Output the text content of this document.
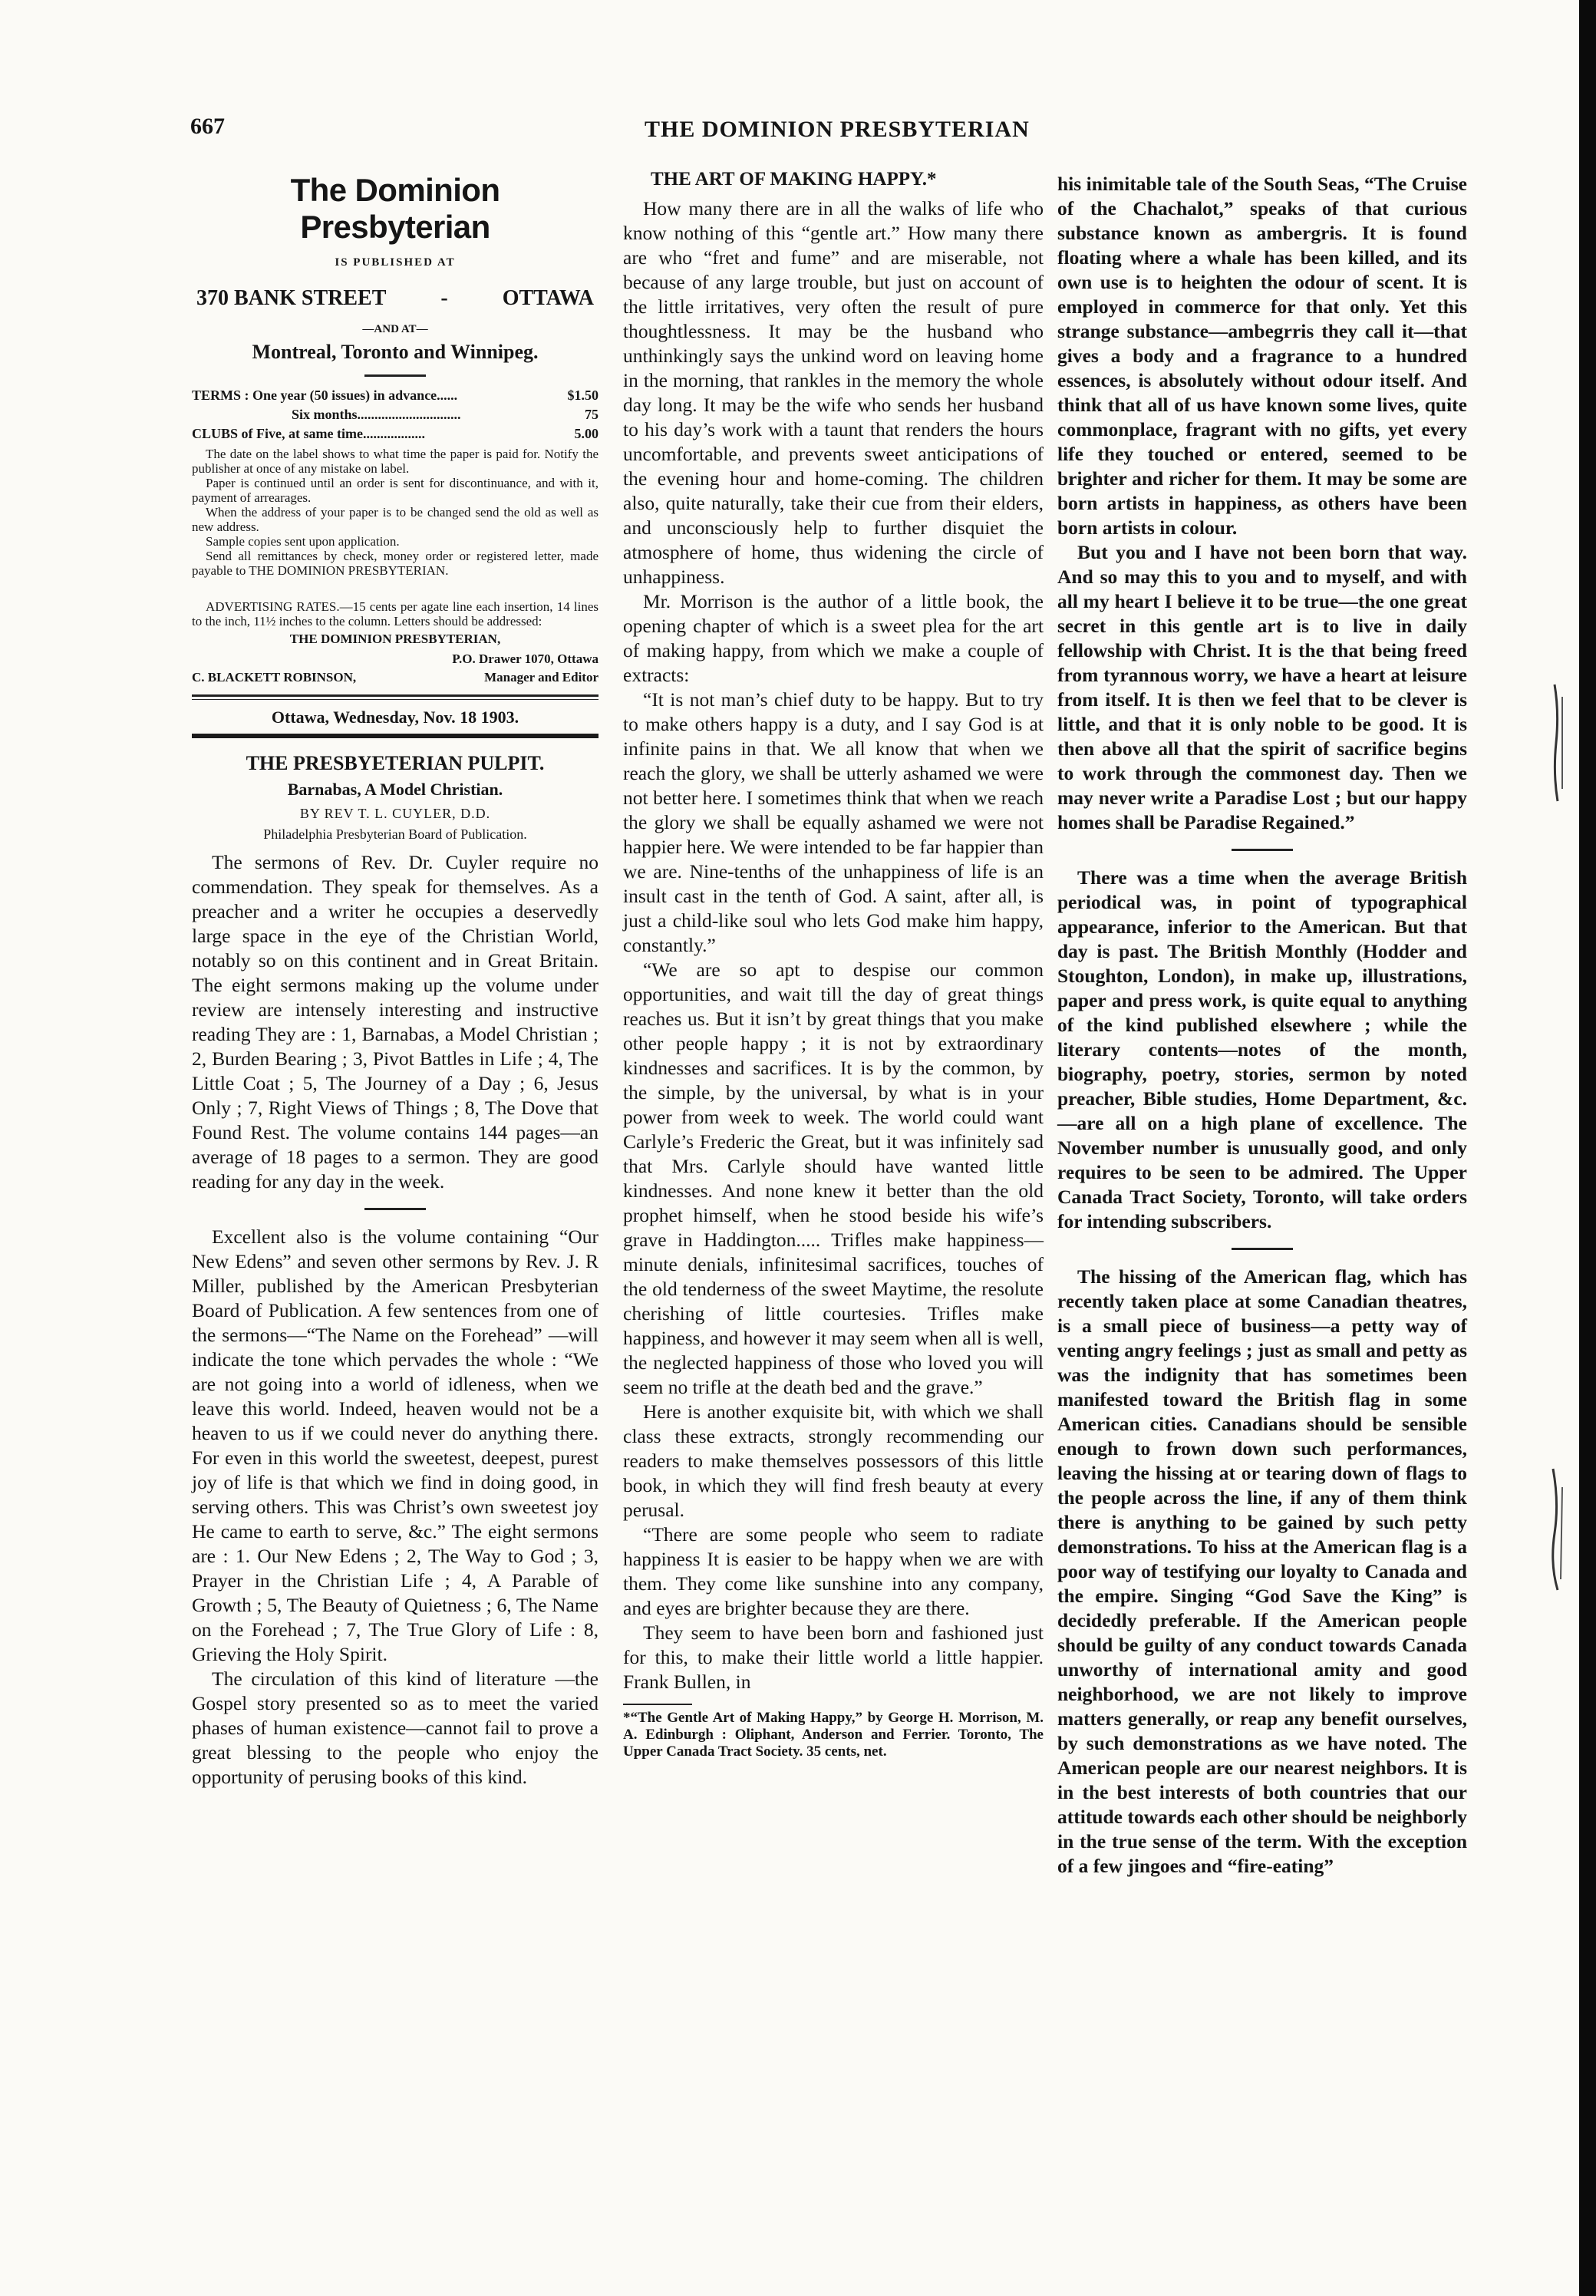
667	THE DOMINION PRESBYTERIAN
The Dominion Presbyterian
IS PUBLISHED AT
370 BANK STREET	-	OTTAWA
—AND AT—
Montreal, Toronto and Winnipeg.
TERMS : One year (50 issues) in advance......	$1.50
Six months..............................	75
CLUBS of Five, at same time..................	5.00

The date on the label shows to what time the paper is paid for. Notify the publisher at once of any mistake on label.

Paper is continued until an order is sent for discontinuance, and with it, payment of arrearages.

When the address of your paper is to be changed send the old as well as new address.

Sample copies sent upon application.

Send all remittances by check, money order or registered letter, made payable to THE DOMINION PRESBYTERIAN.

ADVERTISING RATES.—15 cents per agate line each insertion, 14 lines to the inch, 11½ inches to the column. Letters should be addressed:

THE DOMINION PRESBYTERIAN,
P.O. Drawer 1070, Ottawa
C. BLACKETT ROBINSON,	Manager and Editor
Ottawa, Wednesday, Nov. 18 1903.
THE PRESBYETERIAN PULPIT.
Barnabas, A Model Christian.
BY REV T. L. CUYLER, D.D.
Philadelphia Presbyterian Board of Publication.

The sermons of Rev. Dr. Cuyler require no commendation. They speak for themselves. As a preacher and a writer he occupies a deservedly large space in the eye of the Christian World, notably so on this continent and in Great Britain. The eight sermons making up the volume under review are intensely interesting and instructive reading They are : 1, Barnabas, a Model Christian ; 2, Burden Bearing ; 3, Pivot Battles in Life ; 4, The Little Coat ; 5, The Journey of a Day ; 6, Jesus Only ; 7, Right Views of Things ; 8, The Dove that Found Rest. The volume contains 144 pages—an average of 18 pages to a sermon. They are good reading for any day in the week.

Excellent also is the volume containing “Our New Edens” and seven other sermons by Rev. J. R Miller, published by the American Presbyterian Board of Publication. A few sentences from one of the sermons—“The Name on the Forehead” —will indicate the tone which pervades the whole : “We are not going into a world of idleness, when we leave this world. Indeed, heaven would not be a heaven to us if we could never do anything there. For even in this world the sweetest, deepest, purest joy of life is that which we find in doing good, in serving others. This was Christ’s own sweetest joy He came to earth to serve, &c.” The eight sermons are : 1. Our New Edens ; 2, The Way to God ; 3, Prayer in the Christian Life ; 4, A Parable of Growth ; 5, The Beauty of Quietness ; 6, The Name on the Forehead ; 7, The True Glory of Life : 8, Grieving the Holy Spirit.

The circulation of this kind of literature —the Gospel story presented so as to meet the varied phases of human existence—cannot fail to prove a great blessing to the people who enjoy the opportunity of perusing books of this kind.

THE ART OF MAKING HAPPY.*

How many there are in all the walks of life who know nothing of this “gentle art.” How many there are who “fret and fume” and are miserable, not because of any large trouble, but just on account of the little irritatives, very often the result of pure thoughtlessness. It may be the husband who unthinkingly says the unkind word on leaving home in the morning, that rankles in the memory the whole day long. It may be the wife who sends her husband to his day’s work with a taunt that renders the hours uncomfortable, and prevents sweet anticipations of the evening hour and home-coming. The children also, quite naturally, take their cue from their elders, and unconsciously help to further disquiet the atmosphere of home, thus widening the circle of unhappiness.

Mr. Morrison is the author of a little book, the opening chapter of which is a sweet plea for the art of making happy, from which we make a couple of extracts:

“It is not man’s chief duty to be happy. But to try to make others happy is a duty, and I say God is at infinite pains in that. We all know that when we reach the glory, we shall be utterly ashamed we were not better here. I sometimes think that when we reach the glory we shall be equally ashamed we were not happier here. We were intended to be far happier than we are. Nine-tenths of the unhappiness of life is an insult cast in the tenth of God. A saint, after all, is just a child-like soul who lets God make him happy, constantly.”

“We are so apt to despise our common opportunities, and wait till the day of great things reaches us. But it isn’t by great things that you make other people happy ; it is not by extraordinary kindnesses and sacrifices. It is by the common, by the simple, by the universal, by what is in your power from week to week. The world could want Carlyle’s Frederic the Great, but it was infinitely sad that Mrs. Carlyle should have wanted little kindnesses. And none knew it better than the old prophet himself, when he stood beside his wife’s grave in Haddington..... Trifles make happiness—minute denials, infinitesimal sacrifices, touches of the old tenderness of the sweet Maytime, the resolute cherishing of little courtesies. Trifles make happiness, and however it may seem when all is well, the neglected happiness of those who loved you will seem no trifle at the death bed and the grave.”

Here is another exquisite bit, with which we shall class these extracts, strongly recommending our readers to make themselves possessors of this little book, in which they will find fresh beauty at every perusal.

“There are some people who seem to radiate happiness It is easier to be happy when we are with them. They come like sunshine into any company, and eyes are brighter because they are there.

They seem to have been born and fashioned just for this, to make their little world a little happier. Frank Bullen, in

*“The Gentle Art of Making Happy,” by George H. Morrison, M. A. Edinburgh : Oliphant, Anderson and Ferrier. Toronto, The Upper Canada Tract Society. 35 cents, net.

his inimitable tale of the South Seas, “The Cruise of the Chachalot,” speaks of that curious substance known as ambergris. It is found floating where a whale has been killed, and its own use is to heighten the odour of scent. It is employed in commerce for that only. Yet this strange substance—ambegrris they call it—that gives a body and a fragrance to a hundred essences, is absolutely without odour itself. And think that all of us have known some lives, quite commonplace, fragrant with no gifts, yet every life they touched or entered, seemed to be brighter and richer for them. It may be some are born artists in happiness, as others have been born artists in colour.

But you and I have not been born that way. And so may this to you and to myself, and with all my heart I believe it to be true—the one great secret in this gentle art is to live in daily fellowship with Christ. It is the that being freed from tyrannous worry, we have a heart at leisure from itself. It is then we feel that to be clever is little, and that it is only noble to be good. It is then above all that the spirit of sacrifice begins to work through the commonest day. Then we may never write a Paradise Lost ; but our happy homes shall be Paradise Regained.”

There was a time when the average British periodical was, in point of typographical appearance, inferior to the American. But that day is past. The British Monthly (Hodder and Stoughton, London), in make up, illustrations, paper and press work, is quite equal to anything of the kind published elsewhere ; while the literary contents—notes of the month, biography, poetry, stories, sermon by noted preacher, Bible studies, Home Department, &c.—are all on a high plane of excellence. The November number is unusually good, and only requires to be seen to be admired. The Upper Canada Tract Society, Toronto, will take orders for intending subscribers.

The hissing of the American flag, which has recently taken place at some Canadian theatres, is a small piece of business—a petty way of venting angry feelings ; just as small and petty as was the indignity that has sometimes been manifested toward the British flag in some American cities. Canadians should be sensible enough to frown down such performances, leaving the hissing at or tearing down of flags to the people across the line, if any of them think there is anything to be gained by such petty demonstrations. To hiss at the American flag is a poor way of testifying our loyalty to Canada and the empire. Singing “God Save the King” is decidedly preferable. If the American people should be guilty of any conduct towards Canada unworthy of international amity and good neighborhood, we are not likely to improve matters generally, or reap any benefit ourselves, by such demonstrations as we have noted. The American people are our nearest neighbors. It is in the best interests of both countries that our attitude towards each other should be neighborly in the true sense of the term. With the exception of a few jingoes and “fire-eating”
